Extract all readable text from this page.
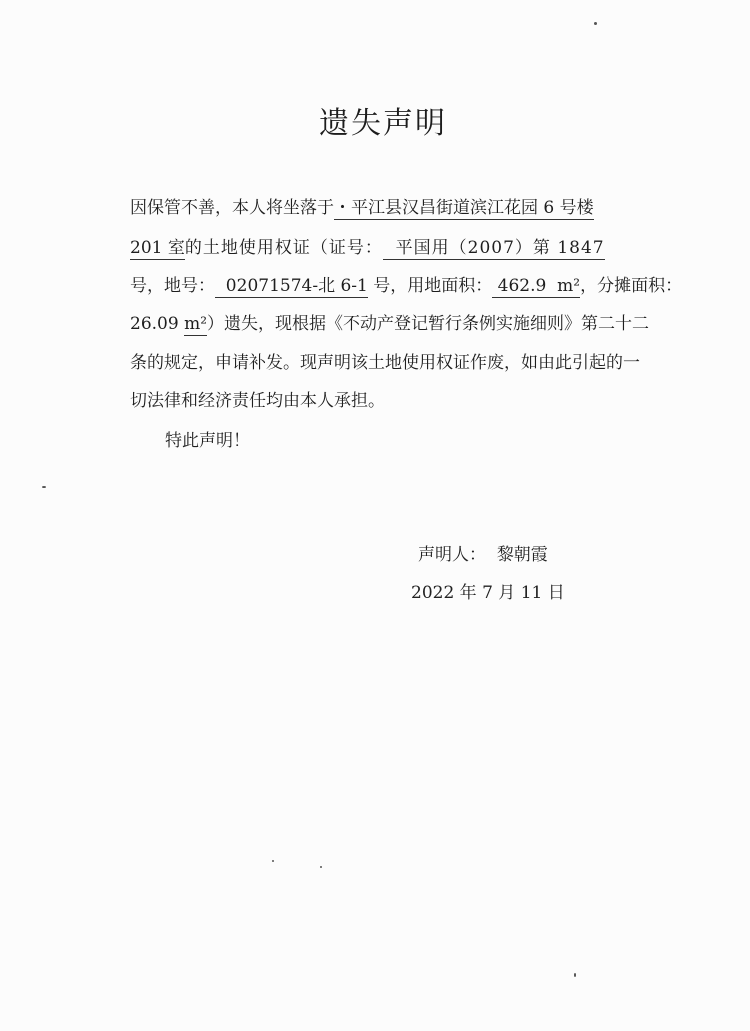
遗失声明
因保管不善，本人将坐落于・平江县汉昌街道滨江花园 6 号楼
201 室的土地使用权证（证号：  平国用（2007）第 1847
号，地号：  02071574-北 6-1 号，用地面积： 462.9  m²，分摊面积：
26.09 m²）遗失，现根据《不动产登记暂行条例实施细则》第二十二
条的规定，申请补发。现声明该土地使用权证作废，如由此引起的一
切法律和经济责任均由本人承担。
特此声明！
声明人： 黎朝霞
2022 年 7 月 11 日
